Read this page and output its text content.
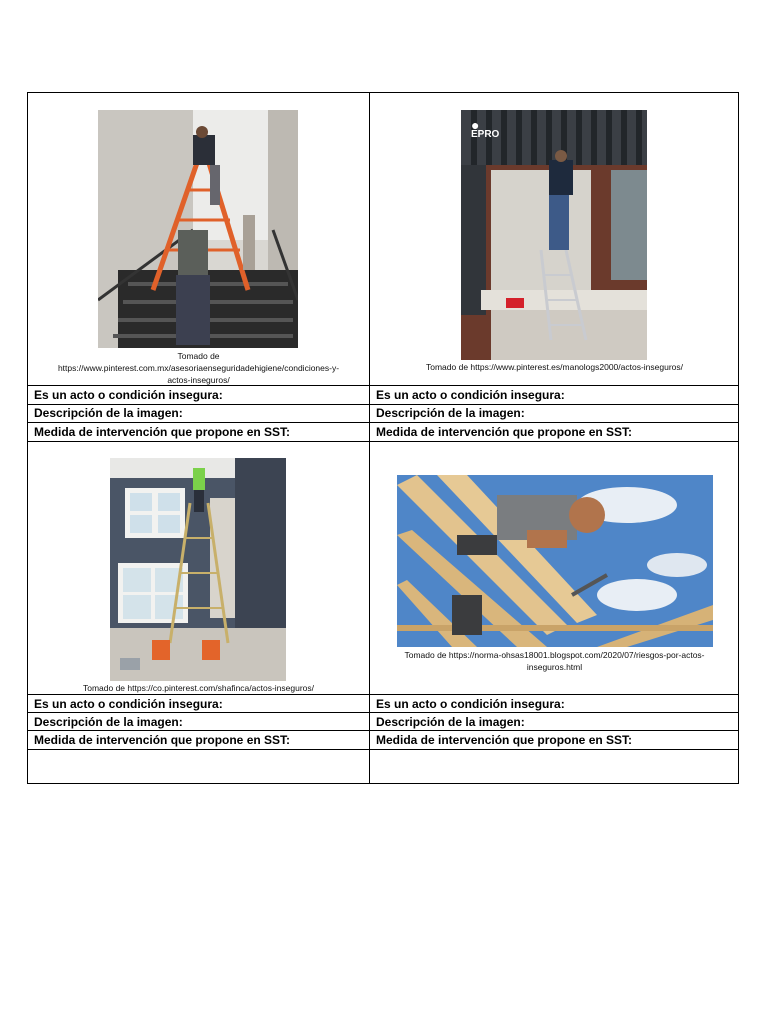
Tomado de
https://www.pinterest.com.mx/asesoriaenseguridadehigiene/condiciones-y-
actos-inseguros/
●
EPRO
Tomado de https://www.pinterest.es/manologs2000/actos-inseguros/
Es un acto o condición insegura:	Es un acto o condición insegura:
Descripción de la imagen:	Descripción de la imagen:
Medida de intervención que propone en SST:	Medida de intervención que propone en SST:
Tomado de https://co.pinterest.com/shafinca/actos-inseguros/
Tomado de https://norma-ohsas18001.blogspot.com/2020/07/riesgos-por-actos-
inseguros.html
Es un acto o condición insegura:	Es un acto o condición insegura:
Descripción de la imagen:	Descripción de la imagen:
Medida de intervención que propone en SST:	Medida de intervención que propone en SST:
